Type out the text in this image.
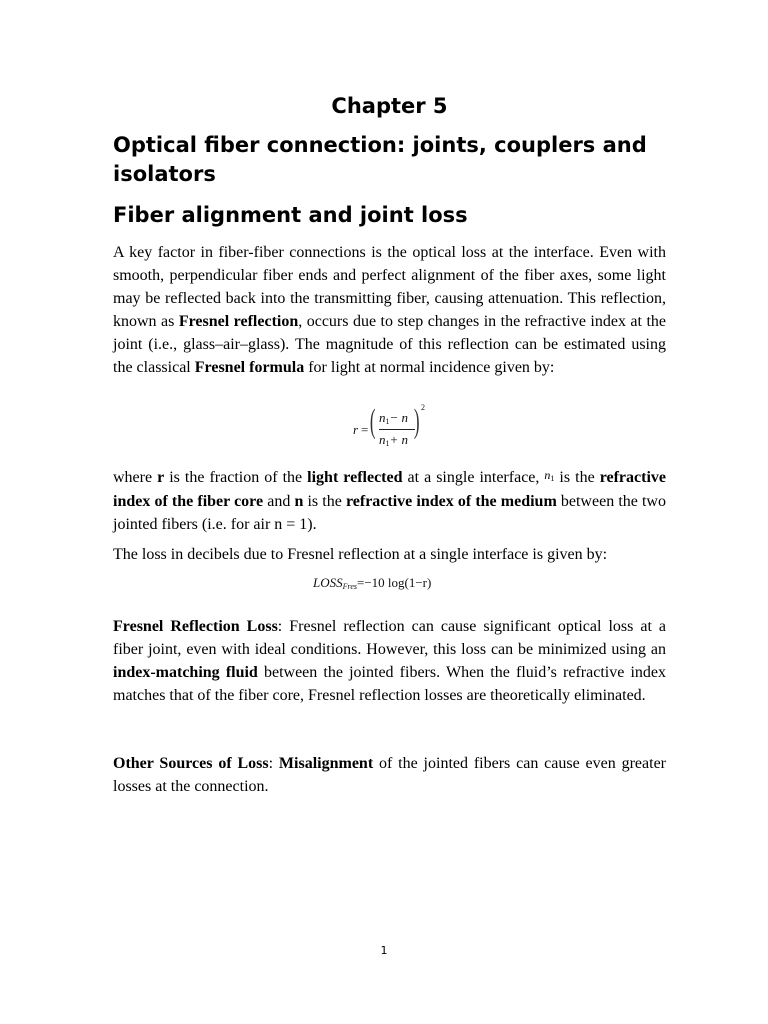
Chapter 5
Optical fiber connection: joints, couplers and isolators
Fiber alignment and joint loss

A key factor in fiber-fiber connections is the optical loss at the interface. Even with smooth, perpendicular fiber ends and perfect alignment of the fiber axes, some light may be reflected back into the transmitting fiber, causing attenuation. This reflection, known as Fresnel reflection, occurs due to step changes in the refractive index at the joint (i.e., glass–air–glass). The magnitude of this reflection can be estimated using the classical Fresnel formula for light at normal incidence given by:

r = ( $n_1- n$
$n_1+ n$ ) 2

where r is the fraction of the light reflected at a single interface, $n_1$ is the refractive index of the fiber core and n is the refractive index of the medium between the two jointed fibers (i.e. for air n = 1).

The loss in decibels due to Fresnel reflection at a single interface is given by:

$LOSS_{Fres}=-10$ log(1−r)

Fresnel Reflection Loss: Fresnel reflection can cause significant optical loss at a fiber joint, even with ideal conditions. However, this loss can be minimized using an index-matching fluid between the jointed fibers. When the fluid’s refractive index matches that of the fiber core, Fresnel reflection losses are theoretically eliminated.

Other Sources of Loss: Misalignment of the jointed fibers can cause even greater losses at the connection.

1
